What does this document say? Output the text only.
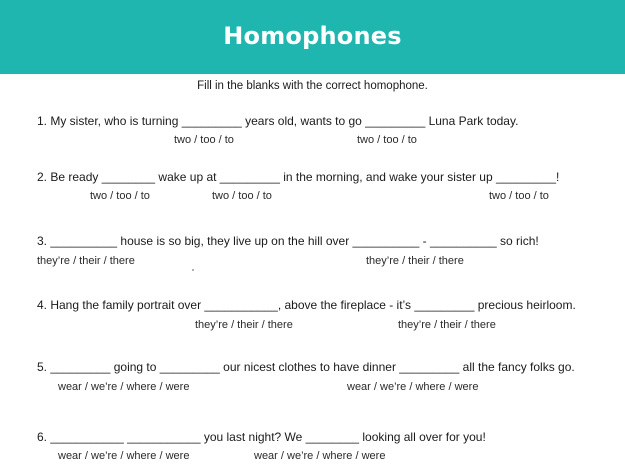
Homophones
Fill in the blanks with the correct homophone.
1. My sister, who is turning _________ years old, wants to go _________ Luna Park today.
two / too / to	two / too / to
2. Be ready ________ wake up at _________ in the morning, and wake your sister up _________!
two / too / to	two / too / to	two / too / to
3. __________ house is so big, they live up on the hill over __________ - __________ so rich!
they’re / their / there	they’re / their / there
4. Hang the family portrait over ___________, above the fireplace - it’s _________ precious heirloom.
they’re / their / there	they’re / their / there
5. _________ going to _________ our nicest clothes to have dinner _________ all the fancy folks go.
wear / we’re / where / were	wear / we’re / where / were
6. ___________ ___________ you last night? We ________ looking all over for you!
wear / we’re / where / were	wear / we’re / where / were
